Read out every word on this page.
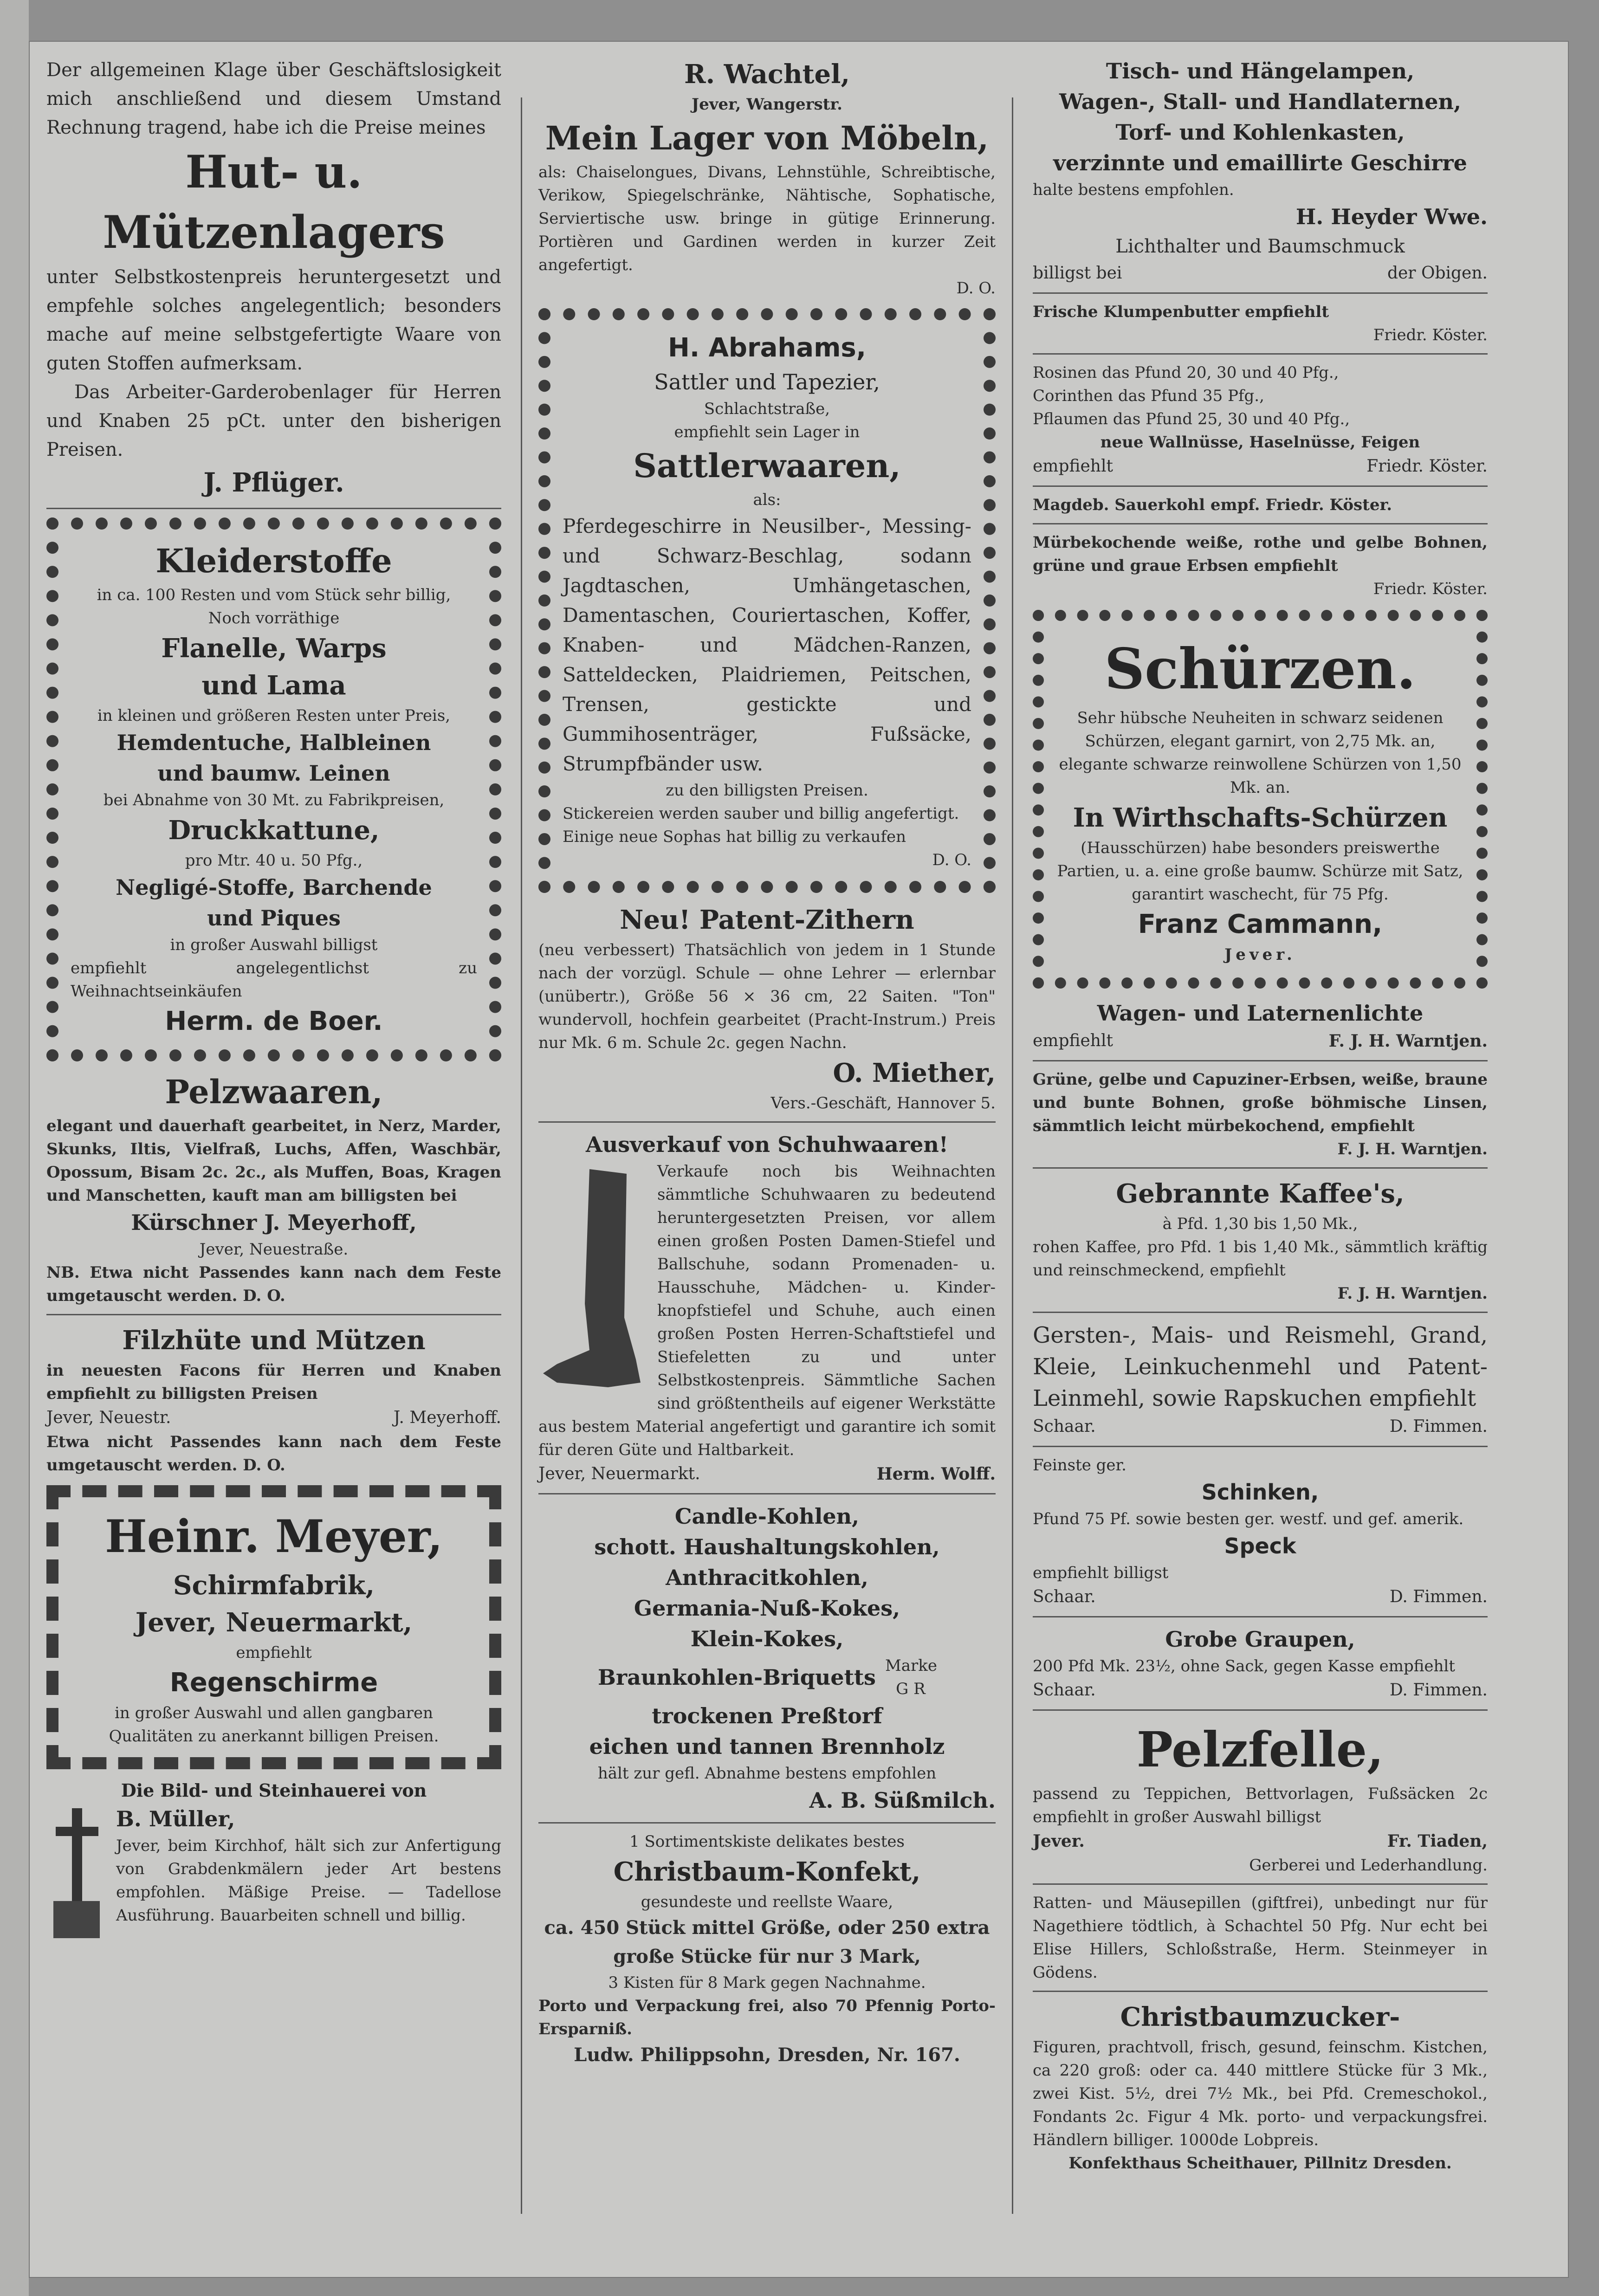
Der allgemeinen Klage über Geschäftslosigkeit mich anschließend und diesem Umstand Rechnung tragend, habe ich die Preise meines

Hut- u. Mützenlagers

unter Selbstkostenpreis heruntergesetzt und empfehle solches angelegentlich; besonders mache auf meine selbstgefertigte Waare von guten Stoffen aufmerksam.

Das Arbeiter-Garderobenlager für Herren und Knaben 25 pCt. unter den bisherigen Preisen.

J. Pflüger.

Kleiderstoffe

in ca. 100 Resten und vom Stück sehr billig,

Noch vorräthige

Flanelle, Warps

und Lama

in kleinen und größeren Resten unter Preis,

Hemdentuche, Halbleinen

und baumw. Leinen

bei Abnahme von 30 Mt. zu Fabrikpreisen,

Druckkattune,

pro Mtr. 40 u. 50 Pfg.,

Negligé-Stoffe, Barchende

und Piques

in großer Auswahl billigst

empfiehlt angelegentlichst zu Weihnachtseinkäufen

Herm. de Boer.

Pelzwaaren,

elegant und dauerhaft gearbeitet, in Nerz, Marder, Skunks, Iltis, Vielfraß, Luchs, Affen, Waschbär, Opossum, Bisam 2c. 2c., als Muffen, Boas, Kragen und Manschetten, kauft man am billigsten bei

Kürschner J. Meyerhoff,

Jever, Neuestraße.

NB. Etwa nicht Passendes kann nach dem Feste umgetauscht werden. D. O.

Filzhüte und Mützen

in neuesten Facons für Herren und Knaben empfiehlt zu billigsten Preisen

Jever, Neuestr.	J. Meyerhoff.

Etwa nicht Passendes kann nach dem Feste umgetauscht werden. D. O.

Heinr. Meyer,

Schirmfabrik,

Jever, Neuermarkt,

empfiehlt

Regenschirme

in großer Auswahl und allen gangbaren Qualitäten zu anerkannt billigen Preisen.

Die Bild- und Steinhauerei von

B. Müller,

Jever, beim Kirchhof, hält sich zur Anfertigung von Grabdenkmälern jeder Art bestens empfohlen. Mäßige Preise. — Tadellose Ausführung. Bauarbeiten schnell und billig.

R. Wachtel,

Jever, Wangerstr.

Mein Lager von Möbeln,

als: Chaiselongues, Divans, Lehnstühle, Schreibtische, Verikow, Spiegelschränke, Nähtische, Sophatische, Serviertische usw. bringe in gütige Erinnerung. Portièren und Gardinen werden in kurzer Zeit angefertigt.

D. O.

H. Abrahams,

Sattler und Tapezier,

Schlachtstraße,

empfiehlt sein Lager in

Sattlerwaaren,

als:

Pferdegeschirre in Neusilber-, Messing- und Schwarz-Beschlag, sodann Jagdtaschen, Umhängetaschen, Damentaschen, Couriertaschen, Koffer, Knaben- und Mädchen-Ranzen, Satteldecken, Plaidriemen, Peitschen, Trensen, gestickte und Gummihosenträger, Fußsäcke, Strumpfbänder usw.

zu den billigsten Preisen.

Stickereien werden sauber und billig angefertigt.

Einige neue Sophas hat billig zu verkaufen

D. O.

Neu! Patent-Zithern

(neu verbessert) Thatsächlich von jedem in 1 Stunde nach der vorzügl. Schule — ohne Lehrer — erlernbar (unübertr.), Größe 56 × 36 cm, 22 Saiten. "Ton" wundervoll, hochfein gearbeitet (Pracht-Instrum.) Preis nur Mk. 6 m. Schule 2c. gegen Nachn.

O. Miether,

Vers.-Geschäft, Hannover 5.

Ausverkauf von Schuhwaaren!

Verkaufe noch bis Weihnachten sämmtliche Schuhwaaren zu bedeutend heruntergesetzten Preisen, vor allem einen großen Posten Damen-Stiefel und Ballschuhe, sodann Promenaden- u. Hausschuhe, Mädchen- u. Kinder-knopfstiefel und Schuhe, auch einen großen Posten Herren-Schaftstiefel und Stiefeletten zu und unter Selbstkostenpreis. Sämmtliche Sachen sind größtentheils auf eigener Werkstätte aus bestem Material angefertigt und garantire ich somit für deren Güte und Haltbarkeit.

Jever, Neuermarkt.	Herm. Wolff.

Candle-Kohlen,

schott. Haushaltungskohlen,

Anthracitkohlen,

Germania-Nuß-Kokes,

Klein-Kokes,

Braunkohlen-Briquetts Marke G R

trockenen Preßtorf

eichen und tannen Brennholz

hält zur gefl. Abnahme bestens empfohlen

A. B. Süßmilch.

1 Sortimentskiste delikates bestes

Christbaum-Konfekt,

gesundeste und reellste Waare,

ca. 450 Stück mittel Größe, oder 250 extra

große Stücke für nur 3 Mark,

3 Kisten für 8 Mark gegen Nachnahme.

Porto und Verpackung frei, also 70 Pfennig Porto-Ersparniß.

Ludw. Philippsohn, Dresden, Nr. 167.

Tisch- und Hängelampen,

Wagen-, Stall- und Handlaternen,

Torf- und Kohlenkasten,

verzinnte und emaillirte Geschirre

halte bestens empfohlen.

H. Heyder Wwe.

Lichthalter und Baumschmuck

billigst bei	der Obigen.

Frische Klumpenbutter empfiehlt

Friedr. Köster.

Rosinen das Pfund 20, 30 und 40 Pfg.,

Corinthen das Pfund 35 Pfg.,

Pflaumen das Pfund 25, 30 und 40 Pfg.,

neue Wallnüsse, Haselnüsse, Feigen

empfiehlt	Friedr. Köster.

Magdeb. Sauerkohl empf. Friedr. Köster.

Mürbekochende weiße, rothe und gelbe Bohnen, grüne und graue Erbsen empfiehlt

Friedr. Köster.

Schürzen.

Sehr hübsche Neuheiten in schwarz seidenen Schürzen, elegant garnirt, von 2,75 Mk. an, elegante schwarze reinwollene Schürzen von 1,50 Mk. an.

In Wirthschafts-Schürzen

(Hausschürzen) habe besonders preiswerthe Partien, u. a. eine große baumw. Schürze mit Satz, garantirt waschecht, für 75 Pfg.

Franz Cammann,

Jever.

Wagen- und Laternenlichte

empfiehlt	F. J. H. Warntjen.

Grüne, gelbe und Capuziner-Erbsen, weiße, braune und bunte Bohnen, große böhmische Linsen, sämmtlich leicht mürbekochend, empfiehlt

F. J. H. Warntjen.

Gebrannte Kaffee's,

à Pfd. 1,30 bis 1,50 Mk.,

rohen Kaffee, pro Pfd. 1 bis 1,40 Mk., sämmtlich kräftig und reinschmeckend, empfiehlt

F. J. H. Warntjen.

Gersten-, Mais- und Reismehl, Grand, Kleie, Leinkuchenmehl und Patent-Leinmehl, sowie Rapskuchen empfiehlt

Schaar.	D. Fimmen.

Feinste ger.

Schinken,

Pfund 75 Pf. sowie besten ger. westf. und gef. amerik.

Speck

empfiehlt billigst

Schaar.	D. Fimmen.

Grobe Graupen,

200 Pfd Mk. 23½, ohne Sack, gegen Kasse empfiehlt

Schaar.	D. Fimmen.

Pelzfelle,

passend zu Teppichen, Bettvorlagen, Fußsäcken 2c empfiehlt in großer Auswahl billigst

Jever.	Fr. Tiaden,

Gerberei und Lederhandlung.

Ratten- und Mäusepillen (giftfrei), unbedingt nur für Nagethiere tödtlich, à Schachtel 50 Pfg. Nur echt bei Elise Hillers, Schloßstraße, Herm. Steinmeyer in Gödens.

Christbaumzucker-

Figuren, prachtvoll, frisch, gesund, feinschm. Kistchen, ca 220 groß: oder ca. 440 mittlere Stücke für 3 Mk., zwei Kist. 5½, drei 7½ Mk., bei Pfd. Cremeschokol., Fondants 2c. Figur 4 Mk. porto- und verpackungsfrei. Händlern billiger. 1000de Lobpreis.

Konfekthaus Scheithauer, Pillnitz Dresden.
